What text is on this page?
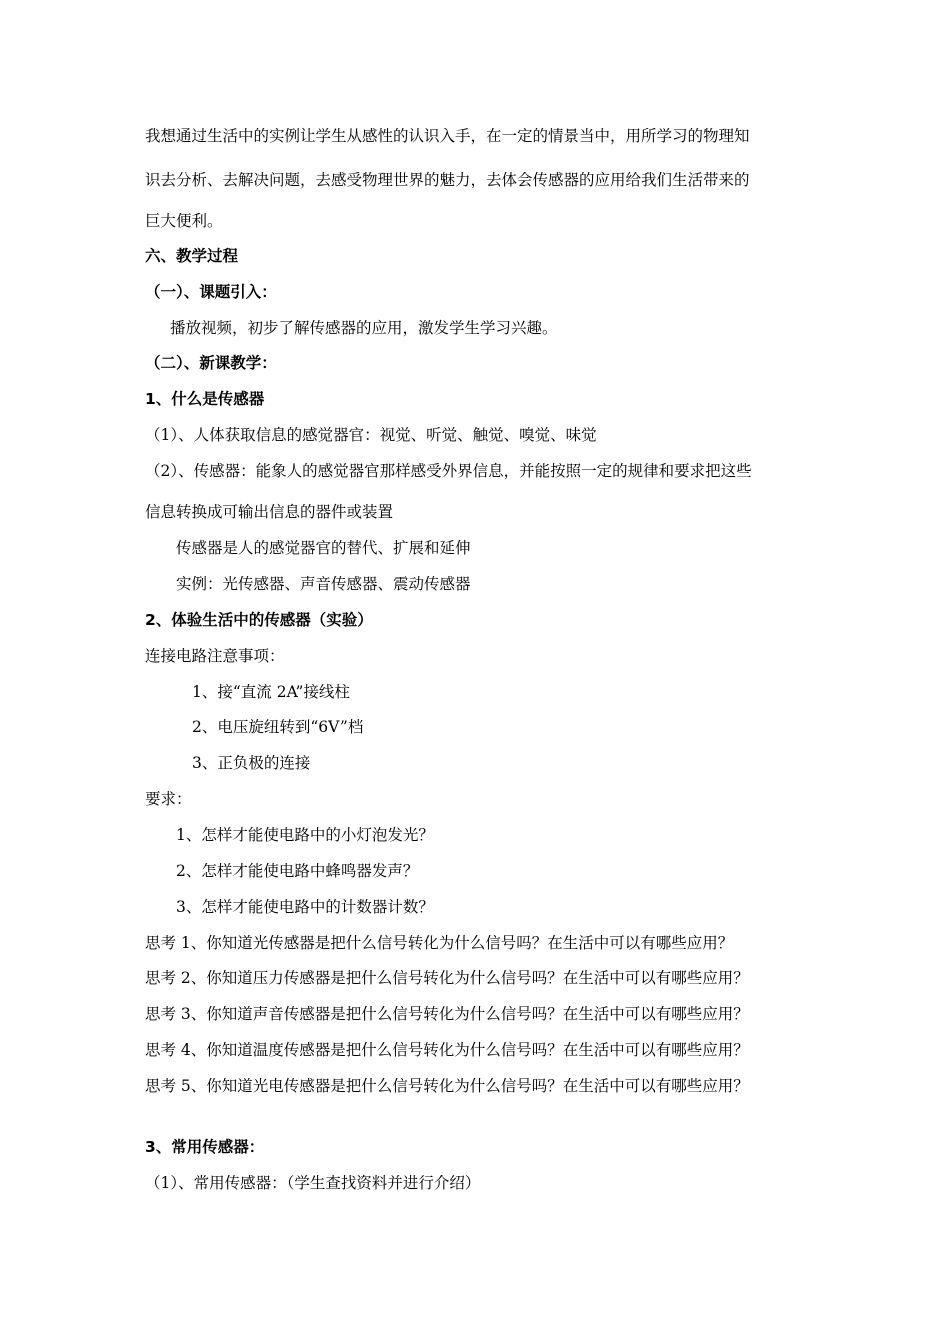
我想通过生活中的实例让学生从感性的认识入手，在一定的情景当中，用所学习的物理知
识去分析、去解决问题，去感受物理世界的魅力，去体会传感器的应用给我们生活带来的
巨大便利。
六、教学过程
（一）、课题引入：
播放视频，初步了解传感器的应用，激发学生学习兴趣。
（二）、新课教学：
1、什么是传感器
（1）、人体获取信息的感觉器官：视觉、听觉、触觉、嗅觉、味觉
（2）、传感器：能象人的感觉器官那样感受外界信息，并能按照一定的规律和要求把这些
信息转换成可输出信息的器件或装置
传感器是人的感觉器官的替代、扩展和延伸
实例：光传感器、声音传感器、震动传感器
2、体验生活中的传感器（实验）
连接电路注意事项：
1、接“直流 2A”接线柱
2、电压旋纽转到“6V”档
3、正负极的连接
要求：
1、怎样才能使电路中的小灯泡发光？
2、怎样才能使电路中蜂鸣器发声？
3、怎样才能使电路中的计数器计数？
思考 1、你知道光传感器是把什么信号转化为什么信号吗？在生活中可以有哪些应用？
思考 2、你知道压力传感器是把什么信号转化为什么信号吗？在生活中可以有哪些应用？
思考 3、你知道声音传感器是把什么信号转化为什么信号吗？在生活中可以有哪些应用？
思考 4、你知道温度传感器是把什么信号转化为什么信号吗？在生活中可以有哪些应用？
思考 5、你知道光电传感器是把什么信号转化为什么信号吗？在生活中可以有哪些应用？
3、常用传感器：
（1）、常用传感器：（学生查找资料并进行介绍）
